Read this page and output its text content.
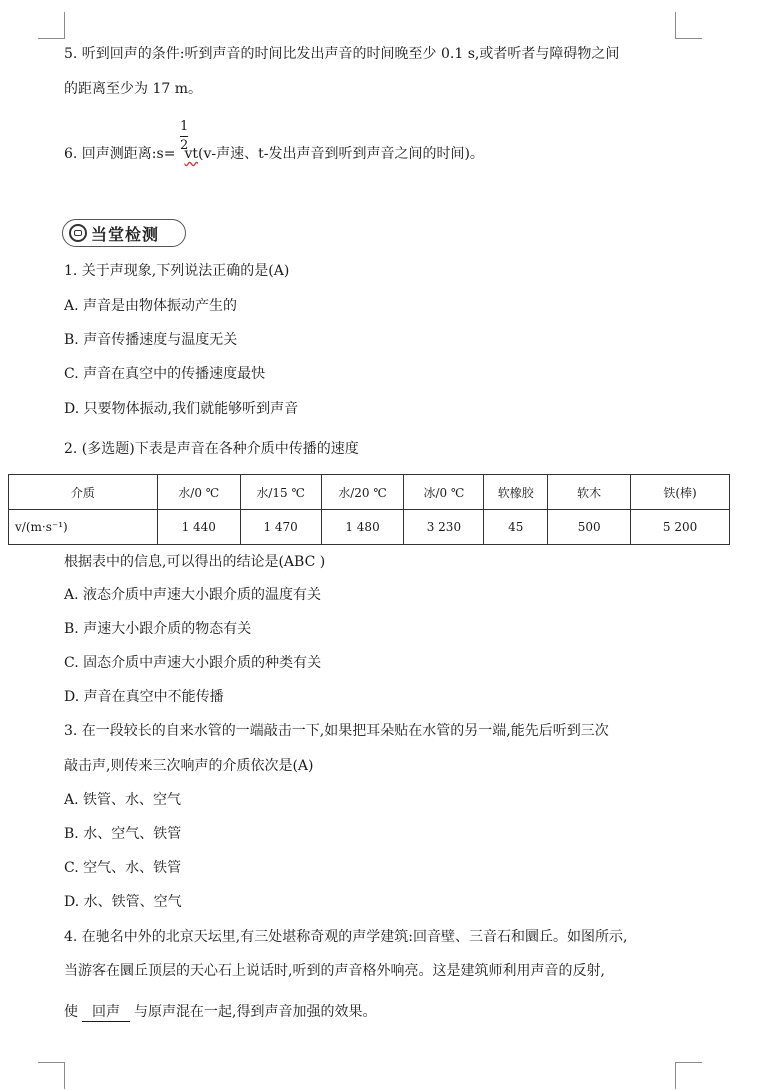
5. 听到回声的条件:听到声音的时间比发出声音的时间晚至少 0.1 s,或者听者与障碍物之间
的距离至少为 17 m。
1
2
6. 回声测距离:s= vt(v-声速、t-发出声音到听到声音之间的时间)。
当堂检测
1. 关于声现象,下列说法正确的是(A)
A. 声音是由物体振动产生的
B. 声音传播速度与温度无关
C. 声音在真空中的传播速度最快
D. 只要物体振动,我们就能够听到声音
2. (多选题)下表是声音在各种介质中传播的速度
介质	水/0 ℃	水/15 ℃	水/20 ℃	冰/0 ℃	软橡胶	软木	铁(棒)
v/(m·s⁻¹)	1 440	1 470	1 480	3 230	45	500	5 200
根据表中的信息,可以得出的结论是(ABC )
A. 液态介质中声速大小跟介质的温度有关
B. 声速大小跟介质的物态有关
C. 固态介质中声速大小跟介质的种类有关
D. 声音在真空中不能传播
3. 在一段较长的自来水管的一端敲击一下,如果把耳朵贴在水管的另一端,能先后听到三次
敲击声,则传来三次响声的介质依次是(A)
A. 铁管、水、空气
B. 水、空气、铁管
C. 空气、水、铁管
D. 水、铁管、空气
4. 在驰名中外的北京天坛里,有三处堪称奇观的声学建筑:回音壁、三音石和圜丘。如图所示,
当游客在圜丘顶层的天心石上说话时,听到的声音格外响亮。这是建筑师利用声音的反射,
使 回声 与原声混在一起,得到声音加强的效果。
